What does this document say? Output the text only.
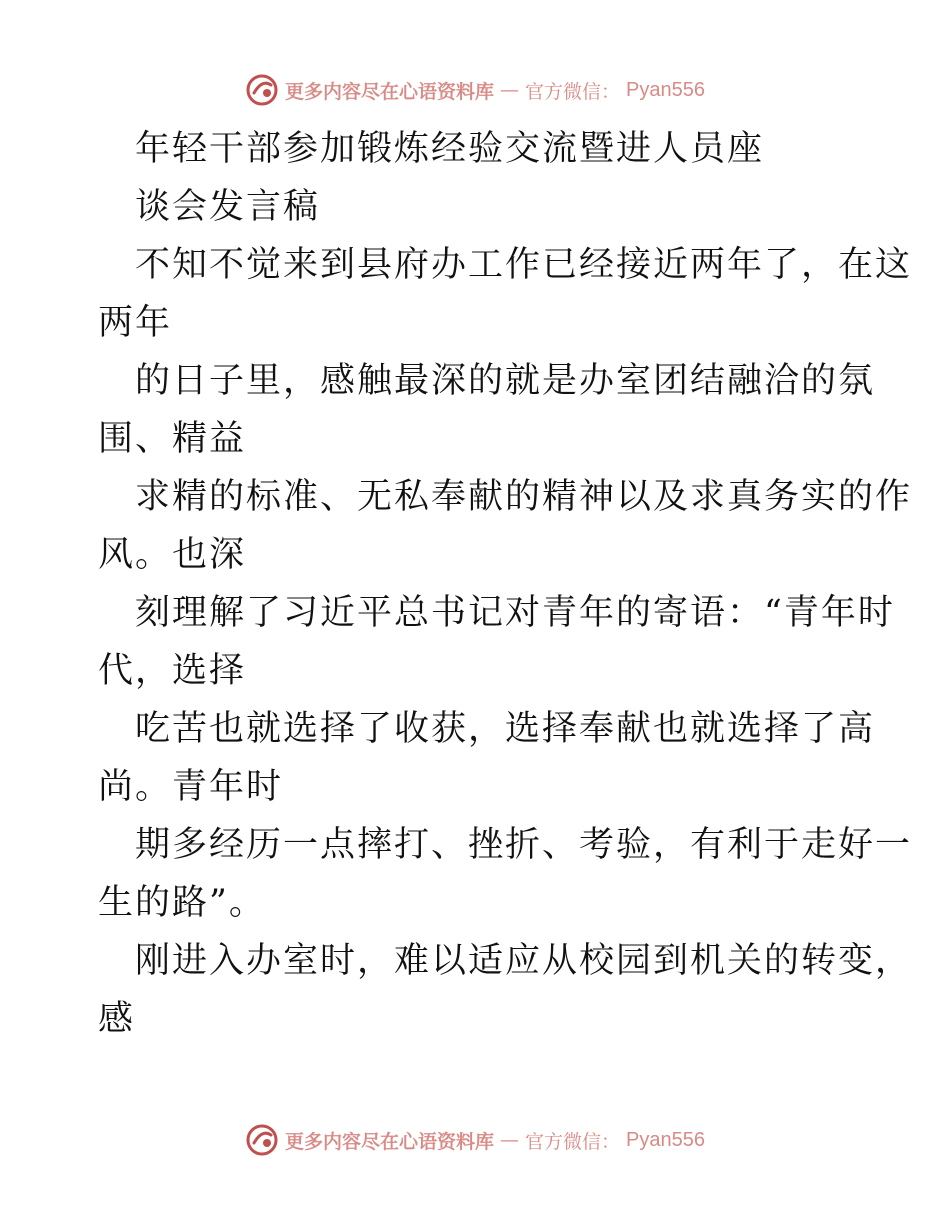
更多内容尽在心语资料库 — 官方微信： Pyan556
年轻干部参加锻炼经验交流暨进人员座
谈会发言稿
不知不觉来到县府办工作已经接近两年了，在这
两年
的日子里，感触最深的就是办室团结融洽的氛
围、精益
求精的标准、无私奉献的精神以及求真务实的作
风。也深
刻理解了习近平总书记对青年的寄语：“青年时
代，选择
吃苦也就选择了收获，选择奉献也就选择了高
尚。青年时
期多经历一点摔打、挫折、考验，有利于走好一
生的路”。
刚进入办室时，难以适应从校园到机关的转变，
感
更多内容尽在心语资料库 — 官方微信： Pyan556
